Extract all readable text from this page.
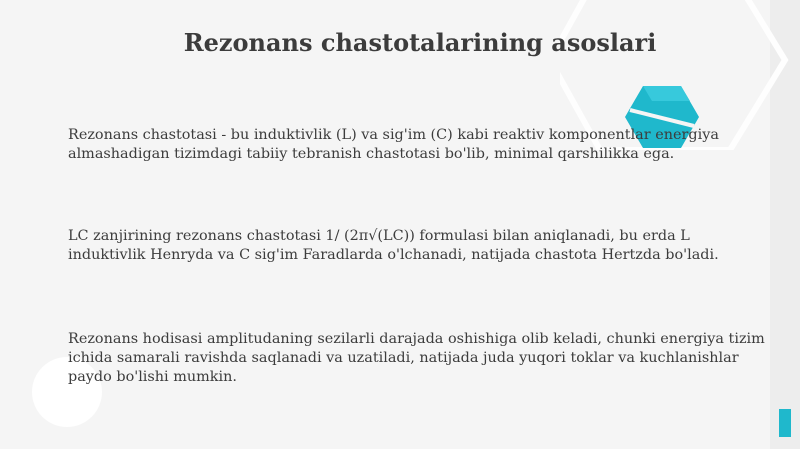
Rezonans chastotalarining asoslari

Rezonans chastotasi - bu induktivlik (L) va sig'im (C) kabi reaktiv komponentlar energiya almashadigan tizimdagi tabiiy tebranish chastotasi bo'lib, minimal qarshilikka ega.

LC zanjirining rezonans chastotasi 1/ (2π√(LC)) formulasi bilan aniqlanadi, bu erda L induktivlik Henryda va C sig'im Faradlarda o'lchanadi, natijada chastota Hertzda bo'ladi.

Rezonans hodisasi amplitudaning sezilarli darajada oshishiga olib keladi, chunki energiya tizim ichida samarali ravishda saqlanadi va uzatiladi, natijada juda yuqori toklar va kuchlanishlar paydo bo'lishi mumkin.
